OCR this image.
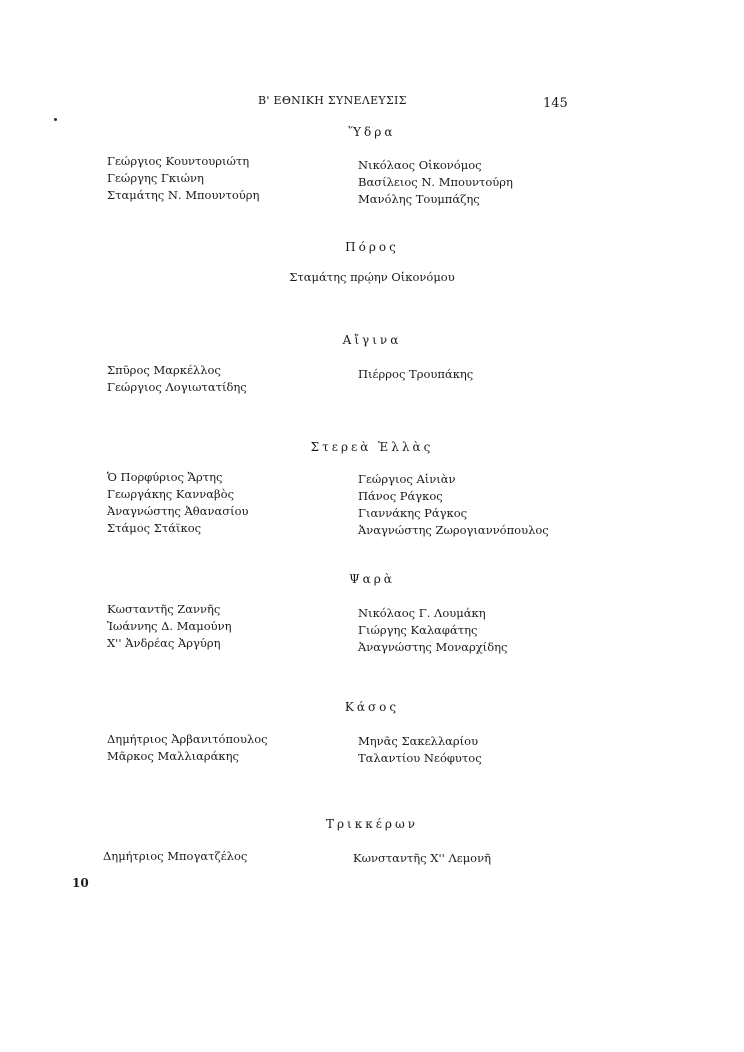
Β' ΕΘΝΙΚΗ ΣΥΝΕΛΕΥΣΙΣ	145
Ὕδρα
Γεώργιος Κουντουριώτη
Γεώργης Γκιώνη
Σταμάτης Ν. Μπουντούρη
Νικόλαος Οἰκονόμος
Βασίλειος Ν. Μπουντούρη
Μανόλης Τουμπάζης
Πόρος
Σταμάτης πρῴην Οἰκονόμου
Αἴγινα
Σπῦρος Μαρκέλλος
Γεώργιος Λογιωτατίδης
Πιέρρος Τρουπάκης
Στερεὰ Ἑλλὰς
Ὁ Πορφύριος Ἄρτης
Γεωργάκης Κανναβὸς
Ἀναγνώστης Ἀθανασίου
Στάμος Στάϊκος
Γεώργιος Αἰνιὰν
Πάνος Ράγκος
Γιαννάκης Ράγκος
Ἀναγνώστης Ζωρογιαννόπουλος
Ψαρὰ
Κωσταντῆς Ζαννῆς
Ἰωάννης Δ. Μαμούνη
Χ'' Ἀνδρέας Ἀργύρη
Νικόλαος Γ. Λουμάκη
Γιώργης Καλαφάτης
Ἀναγνώστης Μοναρχίδης
Κάσος
Δημήτριος Ἀρβανιτόπουλος
Μᾶρκος Μαλλιαράκης
Μηνᾶς Σακελλαρίου
Ταλαντίου Νεόφυτος
Τρικκέρων
Δημήτριος Μπογατζέλος	Κωνσταντῆς Χ'' Λεμονῆ
10
